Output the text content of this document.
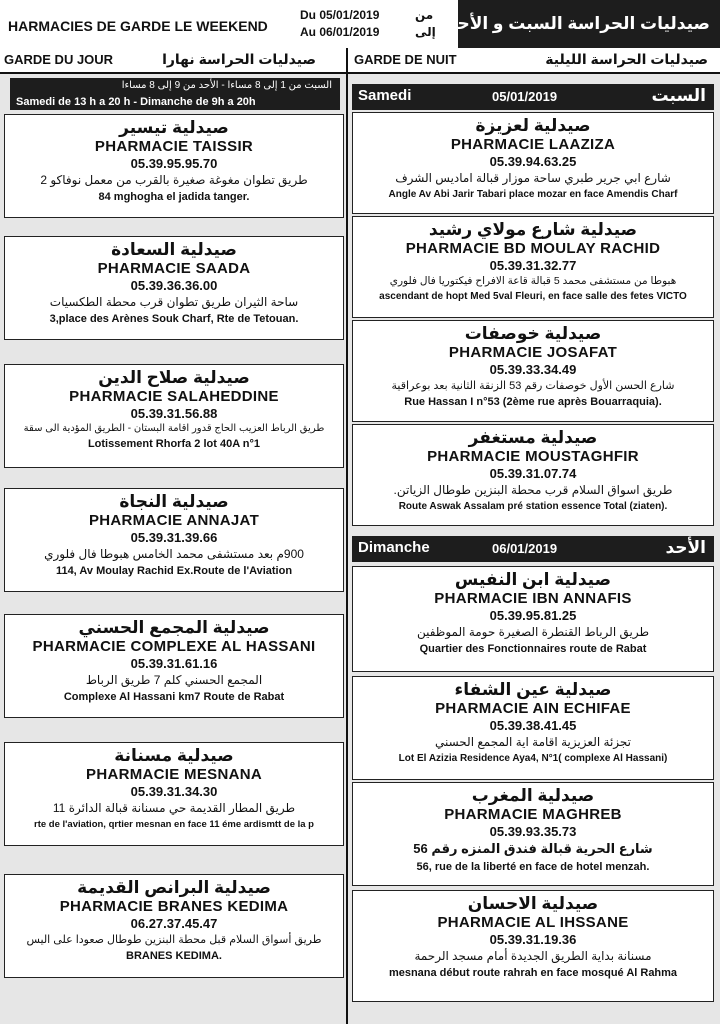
HARMACIES DE GARDE LE WEEKEND
Du 05/01/2019
Au 06/01/2019
من
إلى صيدليات الحراسة السبت و الأحد
GARDE DU JOUR	صيدليات الحراسة نهارا	GARDE DE NUIT	صيدليات الحراسة الليلية
السبت من 1 إلى 8 مساءا - الأحد من 9 إلى 8 مساءا
Samedi de 13 h a 20 h - Dimanche de 9h a 20h
صيدلية تيسير
PHARMACIE TAISSIR
05.39.95.95.70
طريق تطوان مغوغة صغيرة بالقرب من معمل نوفاكو 2
84 mghogha el jadida tanger.
صيدلية السعادة
PHARMACIE SAADA
05.39.36.36.00
ساحة الثيران طريق تطوان قرب محطة الطكسيات
3,place des Arènes Souk Charf, Rte de Tetouan.
صيدلية صلاح الدين
PHARMACIE SALAHEDDINE
05.39.31.56.88
طريق الرباط العزيب الحاج قدور اقامة البستان - الطريق المؤدية الى سقة
Lotissement Rhorfa 2 lot 40A n°1
صيدلية النجاة
PHARMACIE ANNAJAT
05.39.31.39.66
900م بعد مستشفى محمد الخامس هبوطا فال فلوري
114, Av Moulay Rachid Ex.Route de l'Aviation
صيدلية المجمع الحسني
PHARMACIE COMPLEXE AL HASSANI
05.39.31.61.16
المجمع الحسني كلم 7 طريق الرباط
Complexe Al Hassani km7 Route de Rabat
صيدلية مسنانة
PHARMACIE MESNANA
05.39.31.34.30
طريق المطار القديمة حي مسنانة قبالة الدائرة 11
rte de l'aviation, qrtier mesnan en face 11 éme ardismtt de la p
صيدلية البرانص القديمة
PHARMACIE BRANES KEDIMA
06.27.37.45.47
طريق أسواق السلام قبل محطة البنزين طوطال صعودا على اليس
BRANES KEDIMA.
Samedi	05/01/2019	السبت
صيدلية لعزيزة
PHARMACIE LAAZIZA
05.39.94.63.25
شارع ابي جرير طبري ساحة موزار قبالة اماديس الشرف
Angle Av Abi Jarir Tabari place mozar en face Amendis Charf
صيدلية شارع مولاي رشيد
PHARMACIE BD MOULAY RACHID
05.39.31.32.77
هبوطا من مستشفى محمد 5 قبالة قاعة الافراح فيكتوريا فال فلوري
ascendant de hopt Med 5val Fleuri, en face salle des fetes VICTO
صيدلية خوصفات
PHARMACIE JOSAFAT
05.39.33.34.49
شارع الحسن الأول خوصفات رقم 53 الزنقة الثانية بعد بوعراقية
Rue Hassan I n°53 (2ème rue après Bouarraquia).
صيدلية مستغفر
PHARMACIE MOUSTAGHFIR
05.39.31.07.74
طريق اسواق السلام قرب محطة البنزين طوطال الزياتن.
Route Aswak Assalam pré station essence Total (ziaten).
Dimanche	06/01/2019	الأحد
صيدلية ابن النفيس
PHARMACIE IBN ANNAFIS
05.39.95.81.25
طريق الرباط القنطرة الصغيرة حومة الموظفين
Quartier des Fonctionnaires route de Rabat
صيدلية عين الشفاء
PHARMACIE AIN ECHIFAE
05.39.38.41.45
تجزئة العزيزية اقامة اية المجمع الحسني
Lot El Azizia Residence Aya4, N°1( complexe Al Hassani)
صيدلية المغرب
PHARMACIE MAGHREB
05.39.93.35.73
شارع الحرية قبالة فندق المنزه رقم 56
56, rue de la liberté en face de hotel menzah.
صيدلية الاحسان
PHARMACIE AL IHSSANE
05.39.31.19.36
مسنانة بداية الطريق الجديدة أمام مسجد الرحمة
mesnana début route rahrah en face mosqué Al Rahma
